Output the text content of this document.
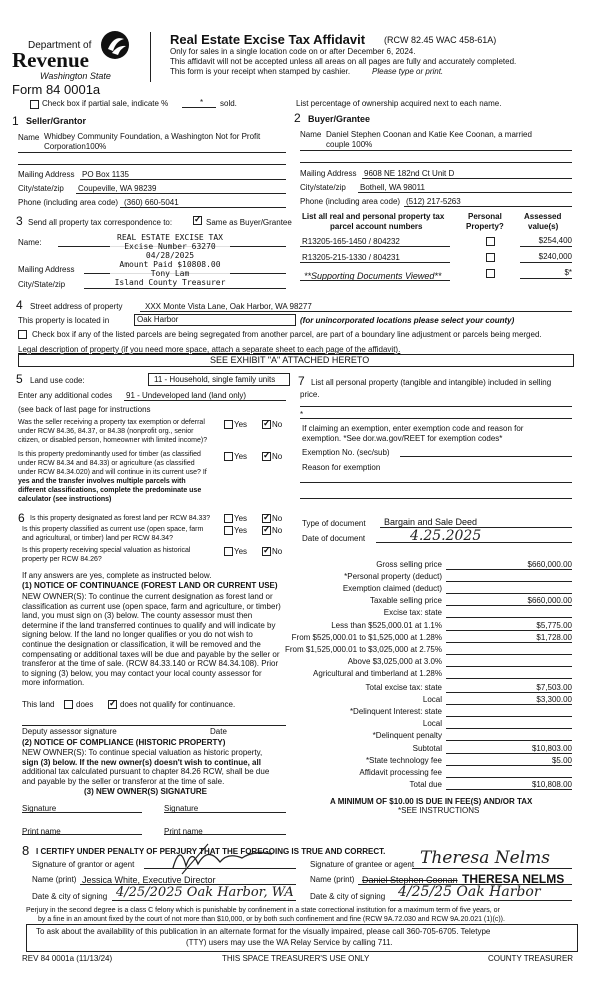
Department of
Revenue
Washington State
Form 84 0001a
Real Estate Excise Tax Affidavit (RCW 82.45 WAC 458-61A)
Only for sales in a single location code on or after December 6, 2024.
This affidavit will not be accepted unless all areas on all pages are fully and accurately completed.
This form is your receipt when stamped by cashier.	Please type or print.
Check box if partial sale, indicate %	* sold.	List percentage of ownership acquired next to each name.
1 Seller/Grantor
Name Whidbey Community Foundation, a Washington Not for Profit
Corporation100%
Mailing Address PO Box 1135
City/state/zip Coupeville, WA 98239
Phone (including area code) (360) 660-5041
2 Buyer/Grantee
Name Daniel Stephen Coonan and Katie Kee Coonan, a married
couple 100%
Mailing Address 9608 NE 182nd Ct Unit D
City/state/zip Bothell, WA 98011
Phone (including area code) (512) 217-5263
3 Send all property tax correspondence to: ✓	Same as Buyer/Grantee
Name:
Mailing Address
City/State/zip
REAL ESTATE EXCISE TAX
Excise Number 63270
04/28/2025
Amount Paid $10808.00
Tony Lam
Island County Treasurer
List all real and personal property tax
parcel account numbers
Personal
Property?
Assessed
value(s)
R13205-165-1450 / 804232	$254,400
R13205-215-1330 / 804231	$240,000
**Supporting Documents Viewed**	$*
4 Street address of property	XXX Monte Vista Lane, Oak Harbor, WA 98277
This property is located in	Oak Harbor	(for unincorporated locations please select your county)
Check box if any of the listed parcels are being segregated from another parcel, are part of a boundary line adjustment or parcels being merged.
Legal description of property (if you need more space, attach a separate sheet to each page of the affidavit).
SEE EXHIBIT "A" ATTACHED HERETO
5 Land use code:	11 - Household, single family units
Enter any additional codes 91 - Undeveloped land (land only)
(see back of last page for instructions
Was the seller receiving a property tax exemption or deferral
under RCW 84.36, 84.37, or 84.38 (nonprofit org., senior
citizen, or disabled person, homeowner with limited income)?
Yes ✓	No
Is this property predominantly used for timber (as classified
under RCW 84.34 and 84.33) or agriculture (as classified
under RCW 84.34.020) and will continue in its current use? If
yes and the transfer involves multiple parcels with
different classifications, complete the predominate use
calculator (see instructions)
Yes ✓	No
7 List all personal property (tangible and intangible) included in selling
price.
*
If claiming an exemption, enter exemption code and reason for
exemption. *See dor.wa.gov/REET for exemption codes*
Exemption No. (sec/sub)
Reason for exemption
Type of document Bargain and Sale Deed
Date of document	4.25.2025
6 Is this property designated as forest land per RCW 84.33?	Yes ✓	No
Is this property classified as current use (open space, farm
and agricultural, or timber) land per RCW 84.34?
Yes ✓	No
Is this property receiving special valuation as historical
property per RCW 84.26?
Yes ✓	No
If any answers are yes, complete as instructed below.
(1) NOTICE OF CONTINUANCE (FOREST LAND OR CURRENT USE)
NEW OWNER(S): To continue the current designation as forest land or
classification as current use (open space, farm and agriculture, or timber)
land, you must sign on (3) below. The county assessor must then
determine if the land transferred continues to qualify and will indicate by
signing below. If the land no longer qualifies or you do not wish to
continue the designation or classification, it will be removed and the
compensating or additional taxes will be due and payable by the seller or
transferor at the time of sale. (RCW 84.33.140 or RCW 84.34.108). Prior
to signing (3) below, you may contact your local county assessor for
more information.
This land	does ✓	does not qualify for continuance.
Deputy assessor signature	Date
(2) NOTICE OF COMPLIANCE (HISTORIC PROPERTY)
NEW OWNER(S): To continue special valuation as historic property,
sign (3) below. If the new owner(s) doesn't wish to continue, all
additional tax calculated pursuant to chapter 84.26 RCW, shall be due
and payable by the seller or transferor at the time of sale.
(3) NEW OWNER(S) SIGNATURE
Signature	Signature
Print name	Print name
Gross selling price	$660,000.00
*Personal property (deduct)
Exemption claimed (deduct)
Taxable selling price	$660,000.00
Excise tax: state
Less than $525,000.01 at 1.1%	$5,775.00
From $525,000.01 to $1,525,000 at 1.28%	$1,728.00
From $1,525,000.01 to $3,025,000 at 2.75%
Above $3,025,000 at 3.0%
Agricultural and timberland at 1.28%
Total excise tax: state	$7,503.00
Local	$3,300.00
*Delinquent Interest: state
Local
*Delinquent penalty
Subtotal	$10,803.00
*State technology fee	$5.00
Affidavit processing fee
Total due	$10,808.00
A MINIMUM OF $10.00 IS DUE IN FEE(S) AND/OR TAX
*SEE INSTRUCTIONS
8 I CERTIFY UNDER PENALTY OF PERJURY THAT THE FOREGOING IS TRUE AND CORRECT.
Signature of grantor or agent	Signature of grantee or agent Theresa Nelms
Name (print) Jessica White, Executive Director	Name (print) Daniel Stephen Coonan THERESA NELMS
Date & city of signing 4/25/2025 Oak Harbor, WA Date & city of signing 4/25/25 Oak Harbor
Perjury in the second degree is a class C felony which is punishable by confinement in a state correctional institution for a maximum term of five years, or
by a fine in an amount fixed by the court of not more than $10,000, or by both such confinement and fine (RCW 9A.72.030 and RCW 9A.20.021 (1)(c)).
To ask about the availability of this publication in an alternate format for the visually impaired, please call 360-705-6705. Teletype
(TTY) users may use the WA Relay Service by calling 711.
REV 84 0001a (11/13/24)	THIS SPACE TREASURER'S USE ONLY	COUNTY TREASURER
